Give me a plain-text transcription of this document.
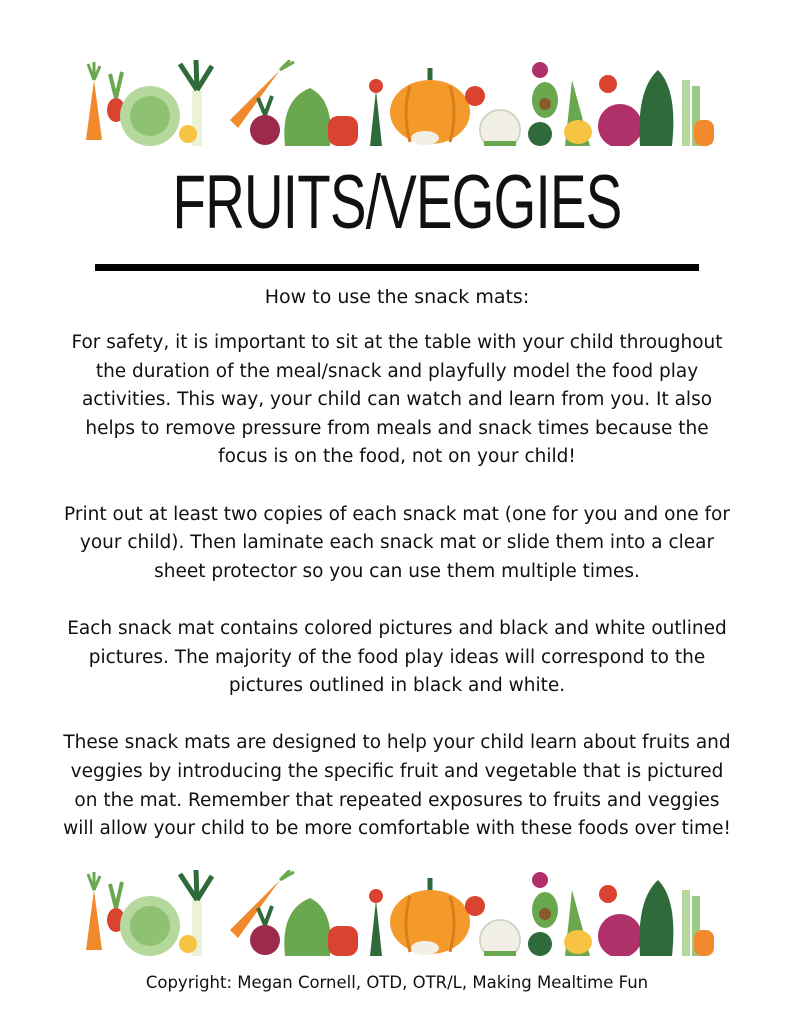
FRUITS/VEGGIES
How to use the snack mats:

For safety, it is important to sit at the table with your child throughout the duration of the meal/snack and playfully model the food play activities. This way, your child can watch and learn from you. It also helps to remove pressure from meals and snack times because the focus is on the food, not on your child!

Print out at least two copies of each snack mat (one for you and one for your child). Then laminate each snack mat or slide them into a clear sheet protector so you can use them multiple times.

Each snack mat contains colored pictures and black and white outlined pictures. The majority of the food play ideas will correspond to the pictures outlined in black and white.

These snack mats are designed to help your child learn about fruits and veggies by introducing the specific fruit and vegetable that is pictured on the mat. Remember that repeated exposures to fruits and veggies will allow your child to be more comfortable with these foods over time!

Copyright: Megan Cornell, OTD, OTR/L, Making Mealtime Fun
